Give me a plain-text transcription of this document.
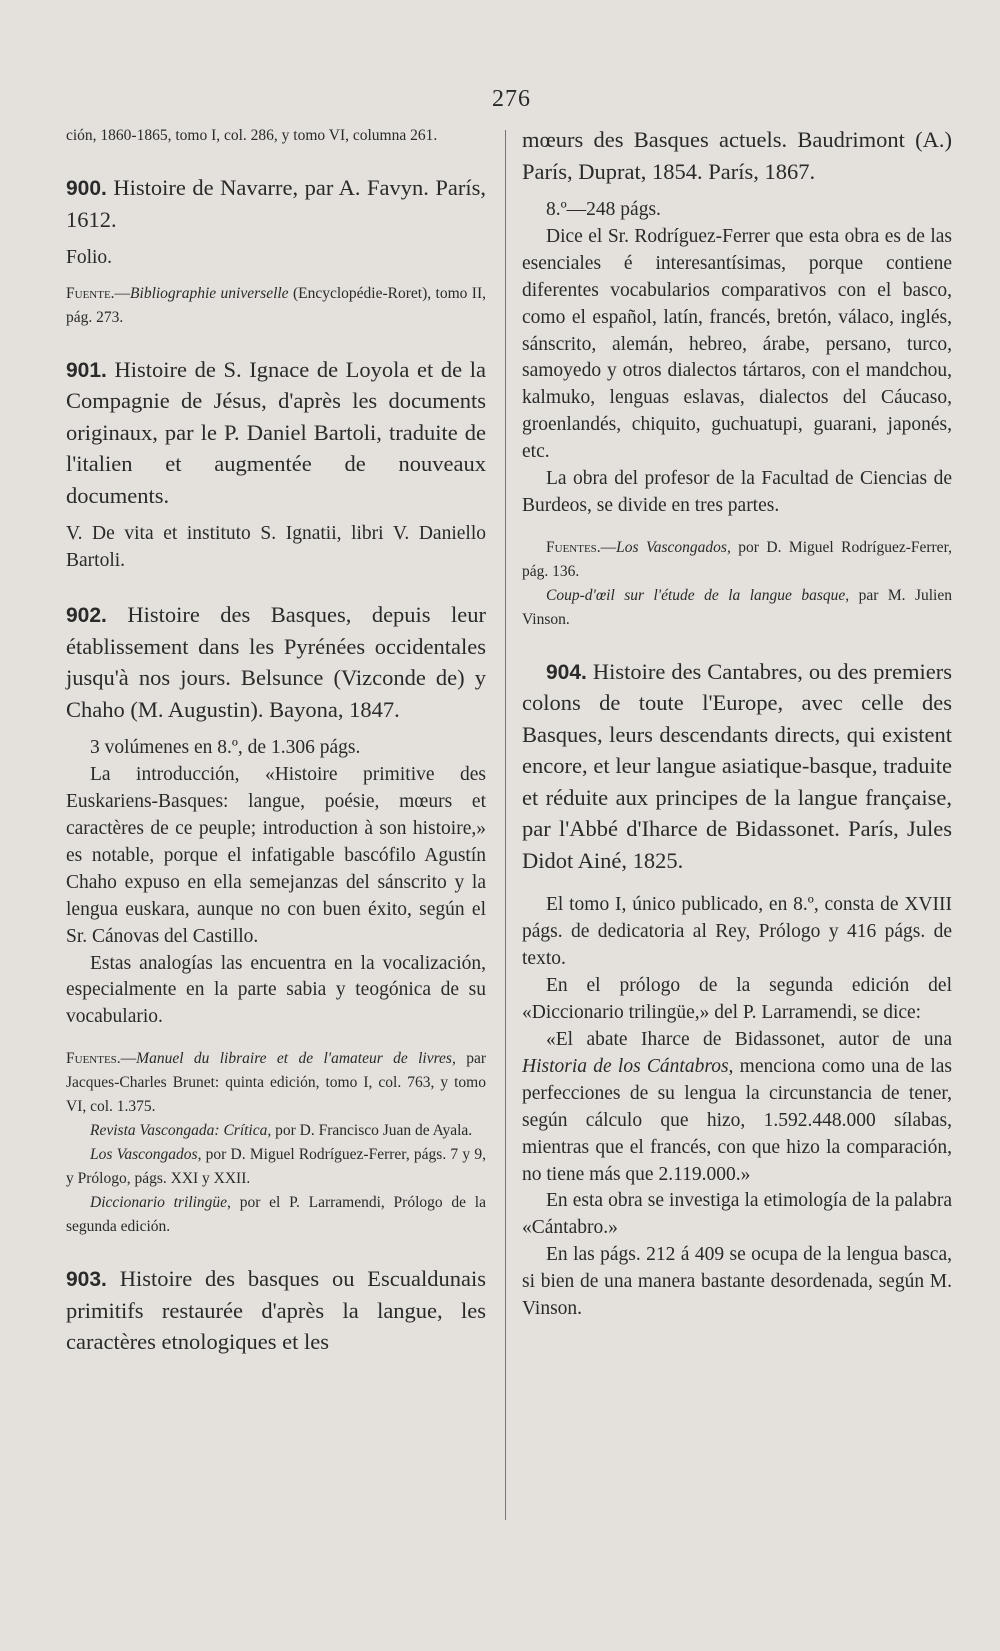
276

ción, 1860-1865, tomo I, col. 286, y tomo VI, columna 261.

900. Histoire de Navarre, par A. Favyn. París, 1612.

Folio.

Fuente.—Bibliographie universelle (Encyclopédie-Roret), tomo II, pág. 273.

901. Histoire de S. Ignace de Loyola et de la Compagnie de Jésus, d'après les documents originaux, par le P. Daniel Bartoli, traduite de l'italien et augmentée de nouveaux documents.

V. De vita et instituto S. Ignatii, libri V. Daniello Bartoli.

902. Histoire des Basques, depuis leur établissement dans les Pyrénées occidentales jusqu'à nos jours. Belsunce (Vizconde de) y Chaho (M. Augustin). Bayona, 1847.

3 volúmenes en 8.º, de 1.306 págs.

La introducción, «Histoire primitive des Euskariens-Basques: langue, poésie, mœurs et caractères de ce peuple; introduction à son histoire,» es notable, porque el infatigable bascófilo Agustín Chaho expuso en ella semejanzas del sánscrito y la lengua euskara, aunque no con buen éxito, según el Sr. Cánovas del Castillo.

Estas analogías las encuentra en la vocalización, especialmente en la parte sabia y teogónica de su vocabulario.

Fuentes.—Manuel du libraire et de l'amateur de livres, par Jacques-Charles Brunet: quinta edición, tomo I, col. 763, y tomo VI, col. 1.375.

Revista Vascongada: Crítica, por D. Francisco Juan de Ayala.

Los Vascongados, por D. Miguel Rodríguez-Ferrer, págs. 7 y 9, y Prólogo, págs. XXI y XXII.

Diccionario trilingüe, por el P. Larramendi, Prólogo de la segunda edición.

903. Histoire des basques ou Escualdunais primitifs restaurée d'après la langue, les caractères etnologiques et les

mœurs des Basques actuels. Baudrimont (A.) París, Duprat, 1854. París, 1867.

8.º—248 págs.

Dice el Sr. Rodríguez-Ferrer que esta obra es de las esenciales é interesantísimas, porque contiene diferentes vocabularios comparativos con el basco, como el español, latín, francés, bretón, válaco, inglés, sánscrito, alemán, hebreo, árabe, persano, turco, samoyedo y otros dialectos tártaros, con el mandchou, kalmuko, lenguas eslavas, dialectos del Cáucaso, groenlandés, chiquito, guchuatupi, guarani, japonés, etc.

La obra del profesor de la Facultad de Ciencias de Burdeos, se divide en tres partes.

Fuentes.—Los Vascongados, por D. Miguel Rodríguez-Ferrer, pág. 136.

Coup-d'œil sur l'étude de la langue basque, par M. Julien Vinson.

904. Histoire des Cantabres, ou des premiers colons de toute l'Europe, avec celle des Basques, leurs descendants directs, qui existent encore, et leur langue asiatique-basque, traduite et réduite aux principes de la langue française, par l'Abbé d'Iharce de Bidassonet. París, Jules Didot Ainé, 1825.

El tomo I, único publicado, en 8.º, consta de XVIII págs. de dedicatoria al Rey, Prólogo y 416 págs. de texto.

En el prólogo de la segunda edición del «Diccionario trilingüe,» del P. Larramendi, se dice:

«El abate Iharce de Bidassonet, autor de una Historia de los Cántabros, menciona como una de las perfecciones de su lengua la circunstancia de tener, según cálculo que hizo, 1.592.448.000 sílabas, mientras que el francés, con que hizo la comparación, no tiene más que 2.119.000.»

En esta obra se investiga la etimología de la palabra «Cántabro.»

En las págs. 212 á 409 se ocupa de la lengua basca, si bien de una manera bastante desordenada, según M. Vinson.
